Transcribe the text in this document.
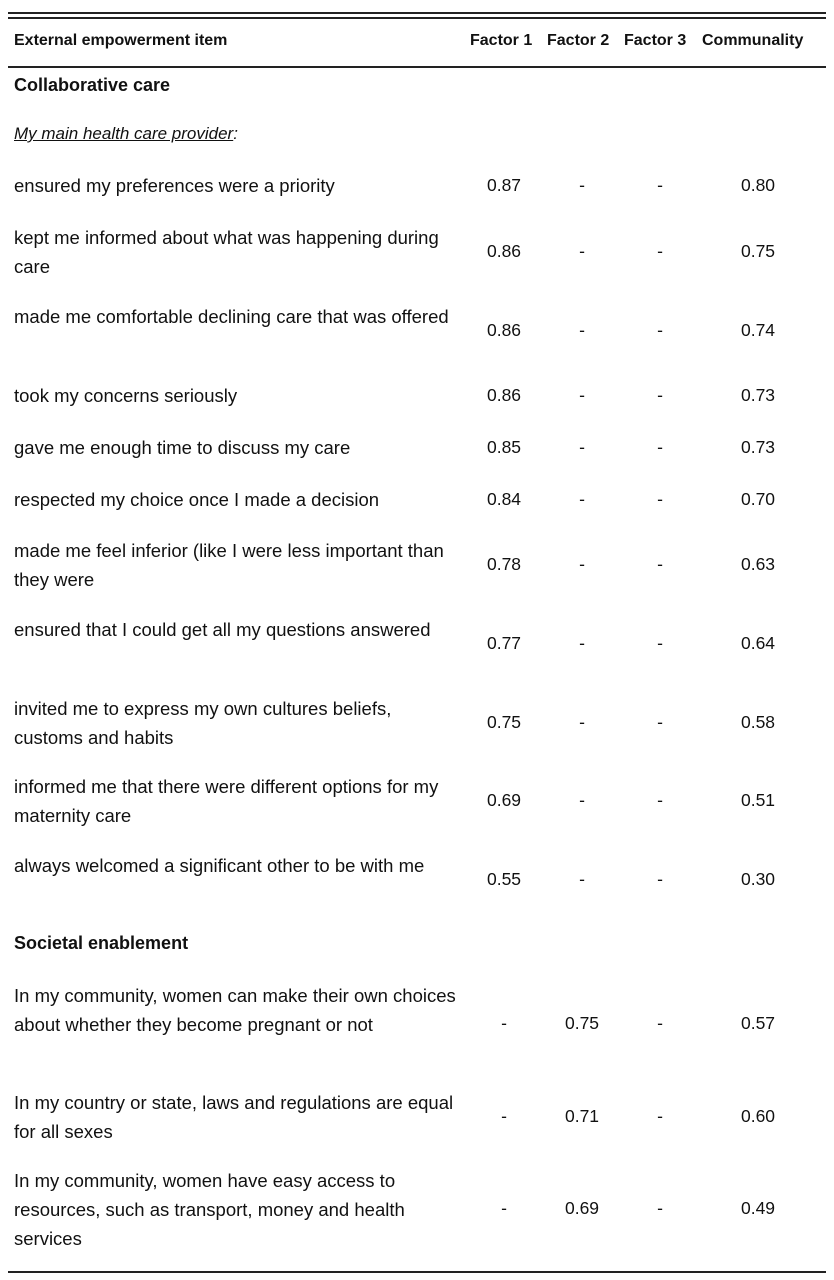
External empowerment item	Factor 1 Factor 2 Factor 3 Communality
Collaborative care
My main health care provider:
ensured my preferences were a priority	0.87	-	-	0.80
kept me informed about what was happening during care
0.86	-	-	0.75
made me comfortable declining care that was offered
0.86	-	-	0.74
took my concerns seriously	0.86	-	-	0.73
gave me enough time to discuss my care	0.85	-	-	0.73
respected my choice once I made a decision	0.84	-	-	0.70
made me feel inferior (like I were less important than they were
0.78	-	-	0.63
ensured that I could get all my questions answered
0.77	-	-	0.64
invited me to express my own cultures beliefs, customs and habits
0.75	-	-	0.58
informed me that there were different options for my maternity care
0.69	-	-	0.51
always welcomed a significant other to be with me
0.55	-	-	0.30
Societal enablement
In my community, women can make their own choices about whether they become pregnant or not	-	0.75	-	0.57
In my country or state, laws and regulations are equal for all sexes
-	0.71	-	0.60
In my community, women have easy access to resources, such as transport, money and health services
-	0.69	-	0.49
